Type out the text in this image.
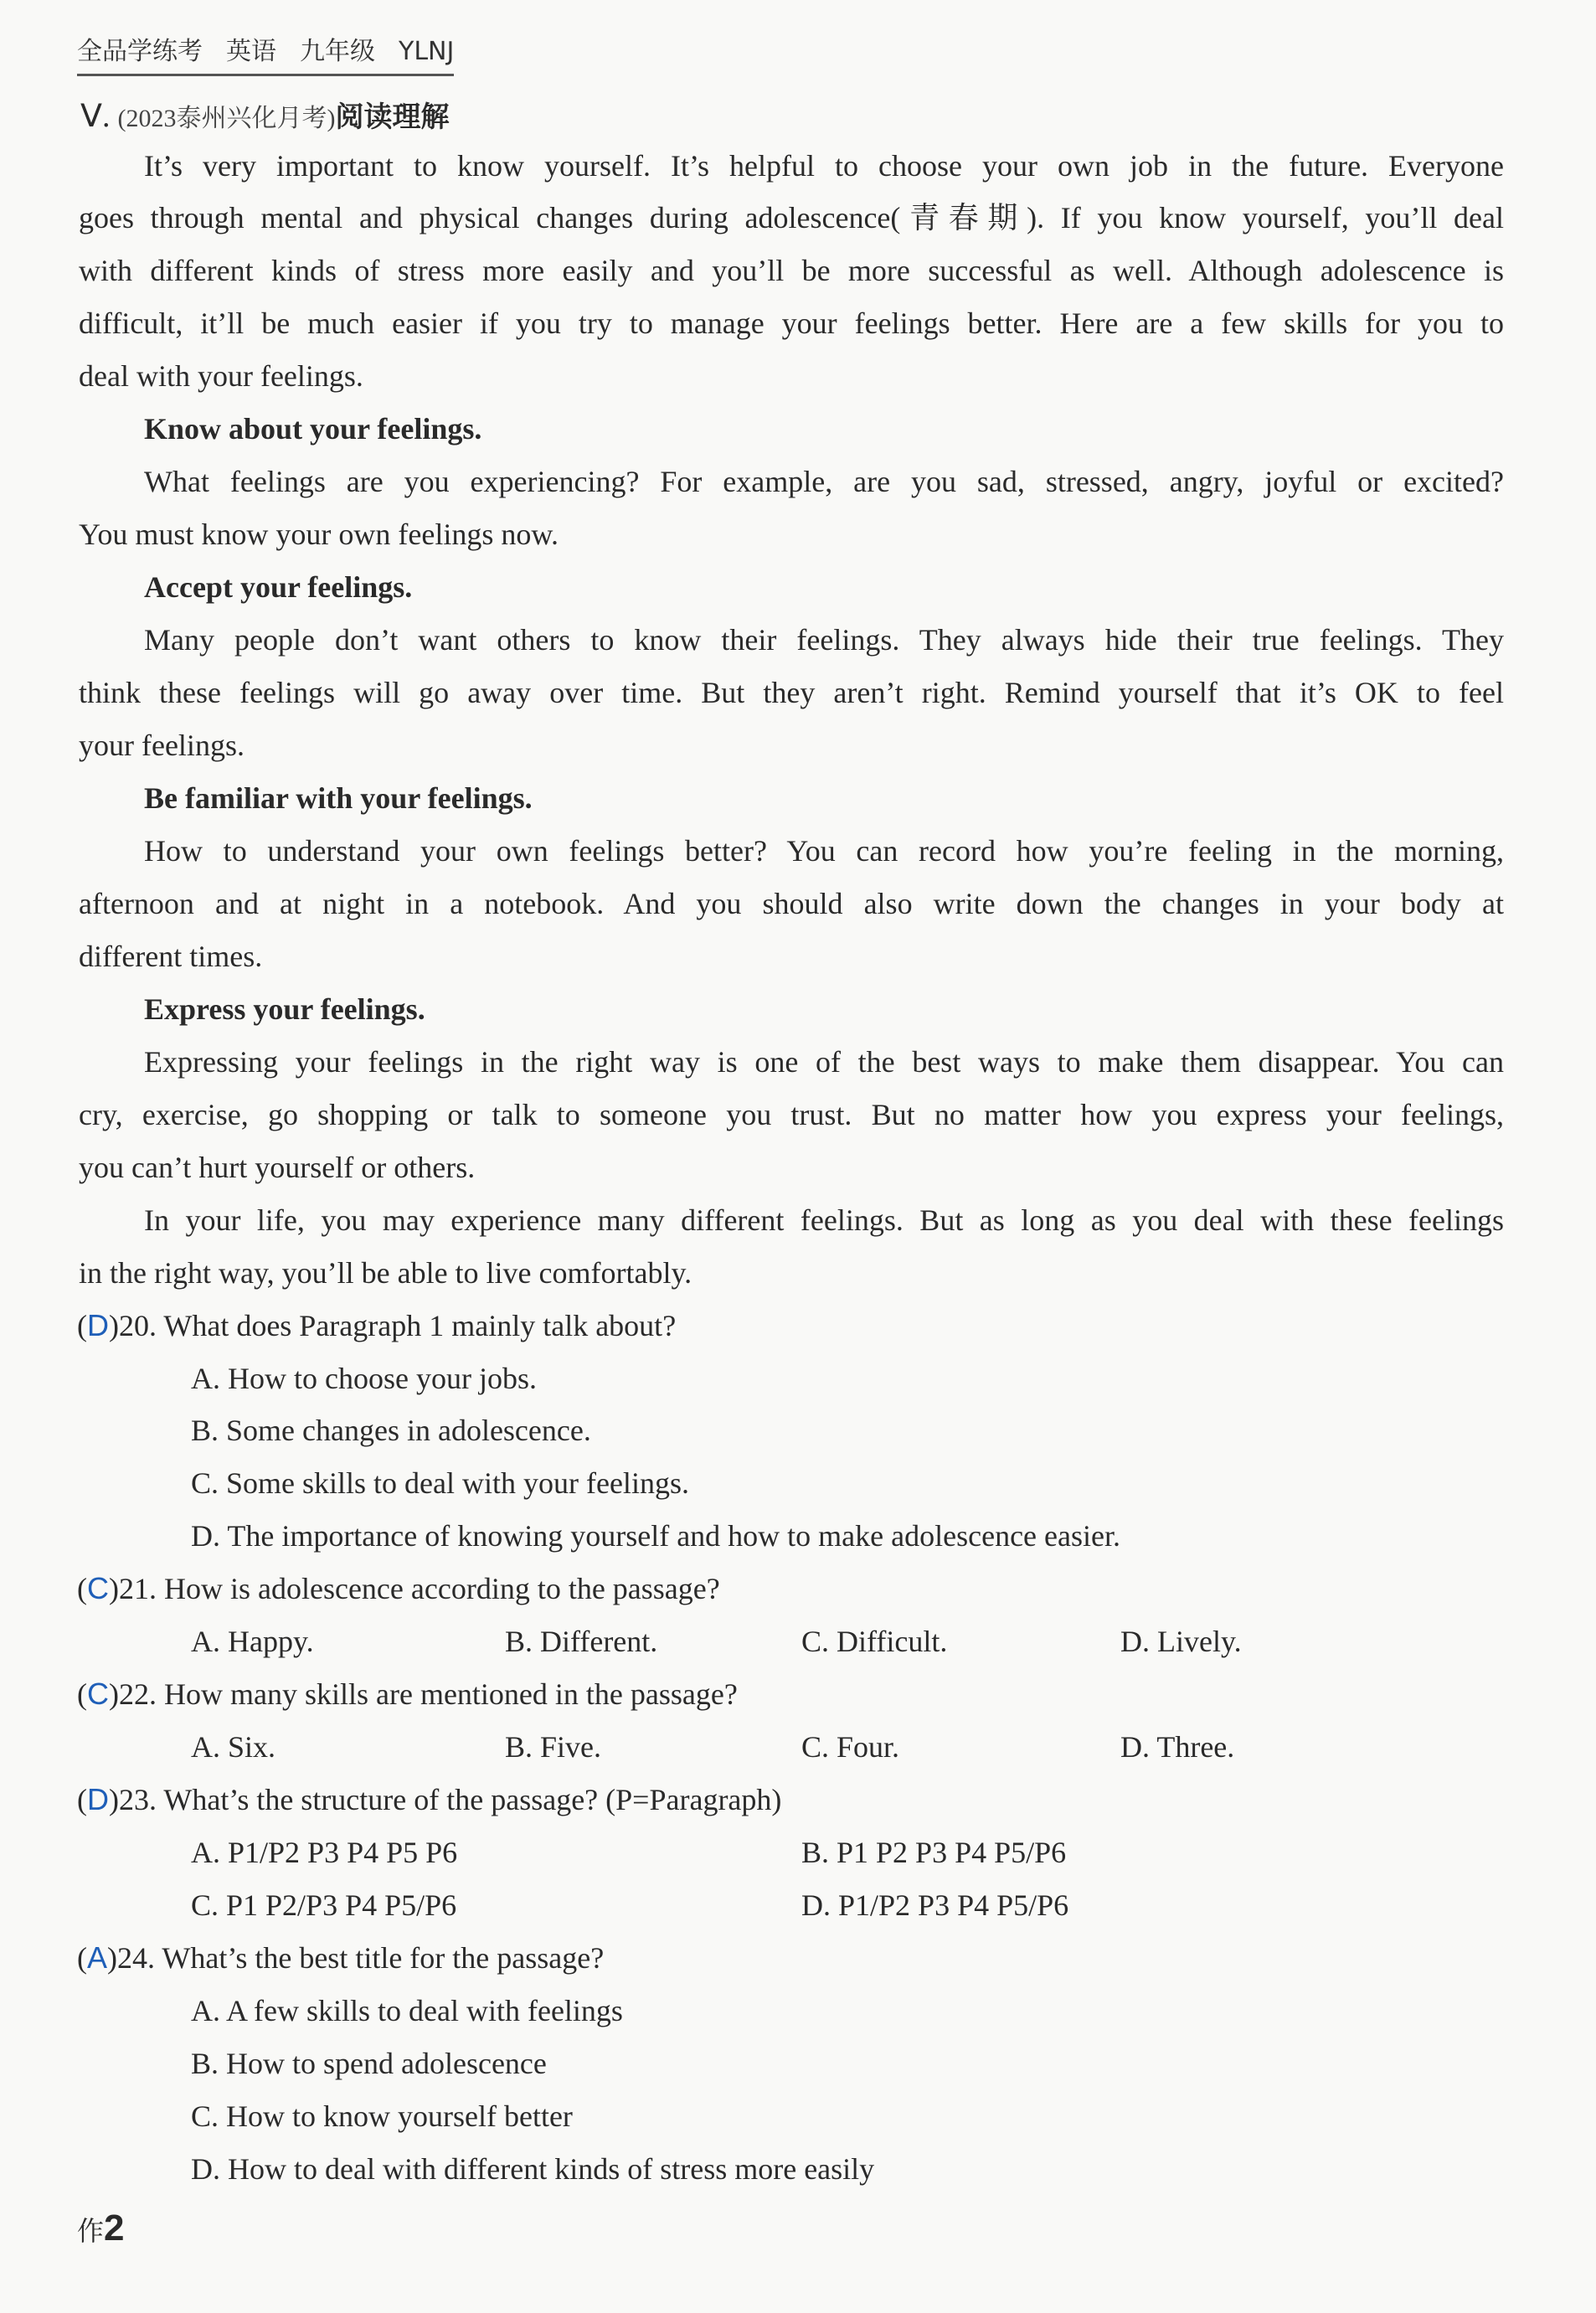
全品学练考 英语 九年级 YLNJ
Ⅴ. (2023泰州兴化月考)阅读理解
It’s very important to know yourself. It’s helpful to choose your own job in the future. Everyone
goes through mental and physical changes during adolescence(青春期). If you know yourself, you’ll deal
with different kinds of stress more easily and you’ll be more successful as well. Although adolescence is
difficult, it’ll be much easier if you try to manage your feelings better. Here are a few skills for you to
deal with your feelings.
Know about your feelings.
What feelings are you experiencing? For example, are you sad, stressed, angry, joyful or excited?
You must know your own feelings now.
Accept your feelings.
Many people don’t want others to know their feelings. They always hide their true feelings. They
think these feelings will go away over time. But they aren’t right. Remind yourself that it’s OK to feel
your feelings.
Be familiar with your feelings.
How to understand your own feelings better? You can record how you’re feeling in the morning,
afternoon and at night in a notebook. And you should also write down the changes in your body at
different times.
Express your feelings.
Expressing your feelings in the right way is one of the best ways to make them disappear. You can
cry, exercise, go shopping or talk to someone you trust. But no matter how you express your feelings,
you can’t hurt yourself or others.
In your life, you may experience many different feelings. But as long as you deal with these feelings
in the right way, you’ll be able to live comfortably.
(D)20. What does Paragraph 1 mainly talk about?
A. How to choose your jobs.
B. Some changes in adolescence.
C. Some skills to deal with your feelings.
D. The importance of knowing yourself and how to make adolescence easier.
(C)21. How is adolescence according to the passage?
A. Happy.	B. Different.	C. Difficult.	D. Lively.
(C)22. How many skills are mentioned in the passage?
A. Six.	B. Five.	C. Four.	D. Three.
(D)23. What’s the structure of the passage? (P=Paragraph)
A. P1/P2 P3 P4 P5 P6	B. P1 P2 P3 P4 P5/P6
C. P1 P2/P3 P4 P5/P6	D. P1/P2 P3 P4 P5/P6
(A)24. What’s the best title for the passage?
A. A few skills to deal with feelings
B. How to spend adolescence
C. How to know yourself better
D. How to deal with different kinds of stress more easily
作2
